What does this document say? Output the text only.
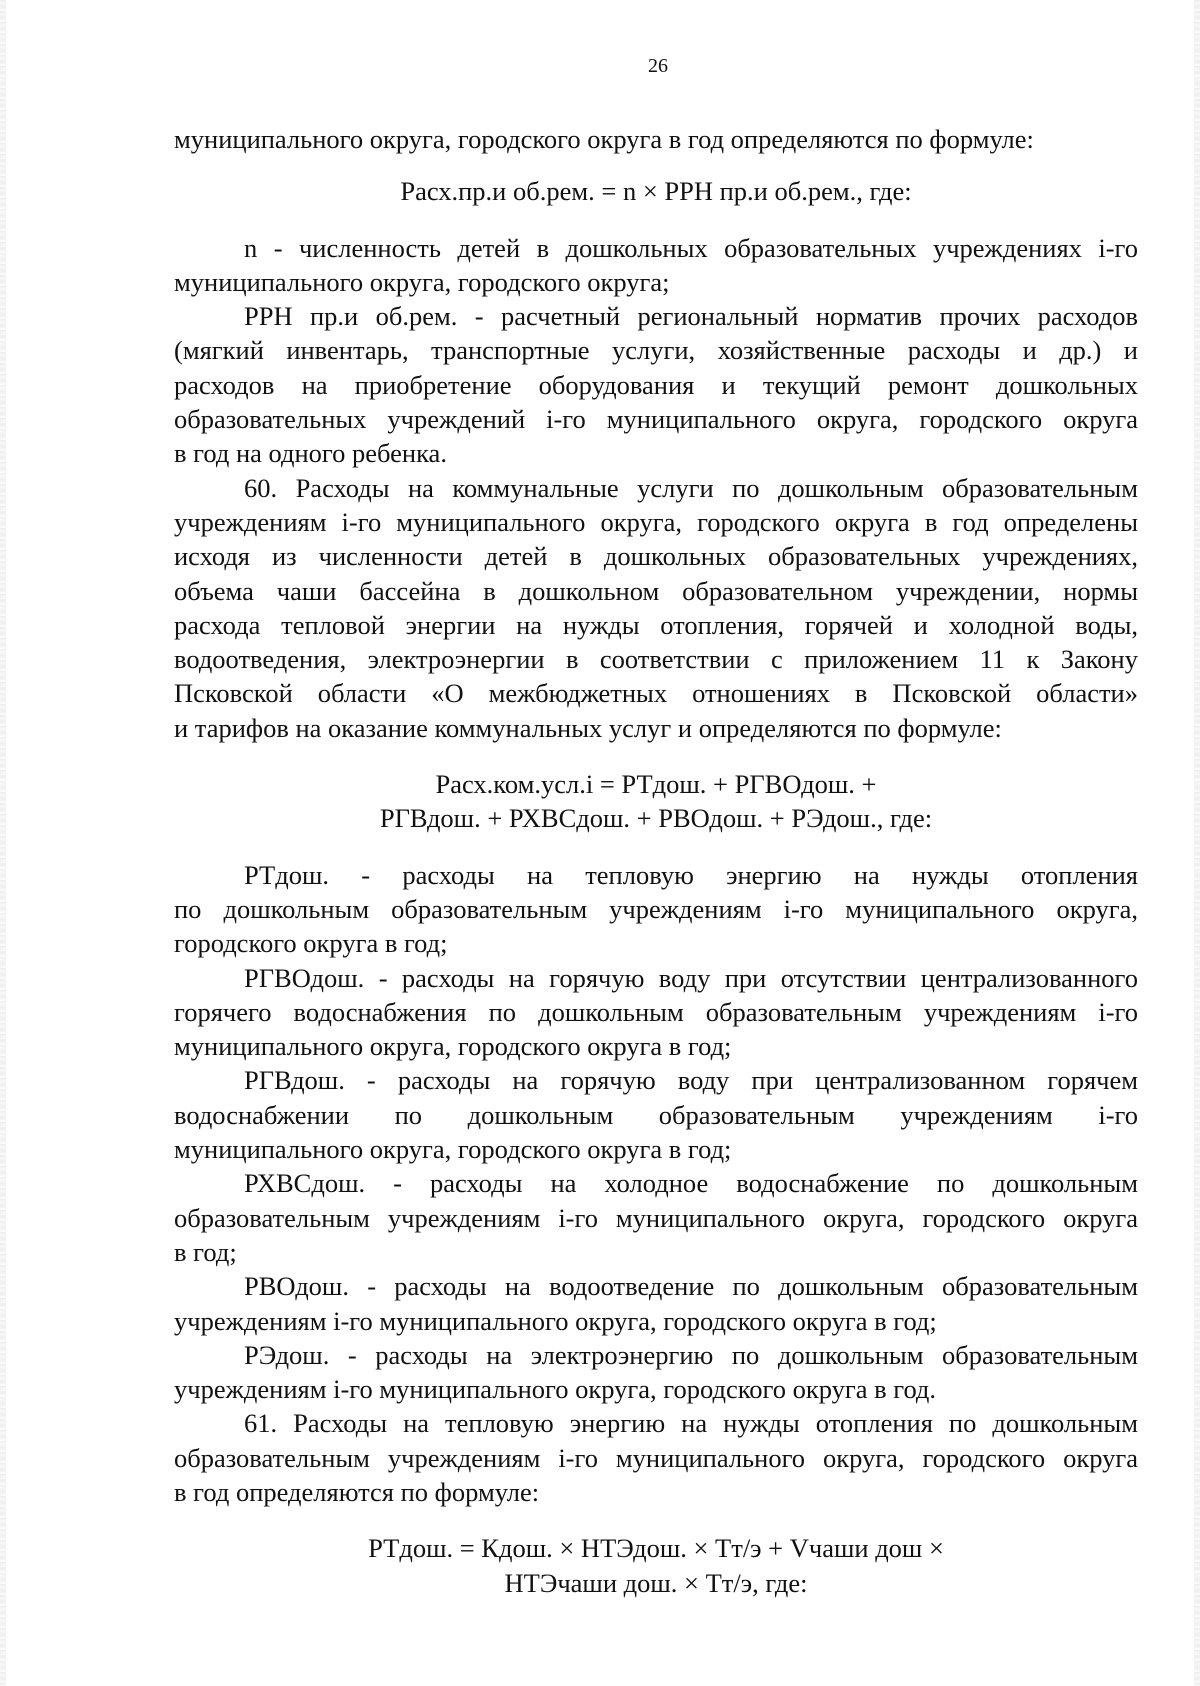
26
муниципального округа, городского округа в год определяются по формуле:
Расх.пр.и об.рем. = n × РРН пр.и об.рем., где:
n - численность детей в дошкольных образовательных учреждениях i-го
муниципального округа, городского округа;
РРН пр.и об.рем. - расчетный региональный норматив прочих расходов
(мягкий инвентарь, транспортные услуги, хозяйственные расходы и др.) и
расходов на приобретение оборудования и текущий ремонт дошкольных
образовательных учреждений i-го муниципального округа, городского округа
в год на одного ребенка.
60. Расходы на коммунальные услуги по дошкольным образовательным
учреждениям i-го муниципального округа, городского округа в год определены
исходя из численности детей в дошкольных образовательных учреждениях,
объема чаши бассейна в дошкольном образовательном учреждении, нормы
расхода тепловой энергии на нужды отопления, горячей и холодной воды,
водоотведения, электроэнергии в соответствии с приложением 11 к Закону
Псковской области «О межбюджетных отношениях в Псковской области»
и тарифов на оказание коммунальных услуг и определяются по формуле:
Расх.ком.усл.i = РТдош. + РГВОдош. +
РГВдош. + РХВСдош. + РВОдош. + РЭдош., где:
РТдош. - расходы на тепловую энергию на нужды отопления
по дошкольным образовательным учреждениям i-го муниципального округа,
городского округа в год;
РГВОдош. - расходы на горячую воду при отсутствии централизованного
горячего водоснабжения по дошкольным образовательным учреждениям i-го
муниципального округа, городского округа в год;
РГВдош. - расходы на горячую воду при централизованном горячем
водоснабжении по дошкольным образовательным учреждениям i-го
муниципального округа, городского округа в год;
РХВСдош. - расходы на холодное водоснабжение по дошкольным
образовательным учреждениям i-го муниципального округа, городского округа
в год;
РВОдош. - расходы на водоотведение по дошкольным образовательным
учреждениям i-го муниципального округа, городского округа в год;
РЭдош. - расходы на электроэнергию по дошкольным образовательным
учреждениям i-го муниципального округа, городского округа в год.
61. Расходы на тепловую энергию на нужды отопления по дошкольным
образовательным учреждениям i-го муниципального округа, городского округа
в год определяются по формуле:
РТдош. = Кдош. × НТЭдош. × Тт/э + Vчаши дош ×
НТЭчаши дош. × Тт/э, где:
